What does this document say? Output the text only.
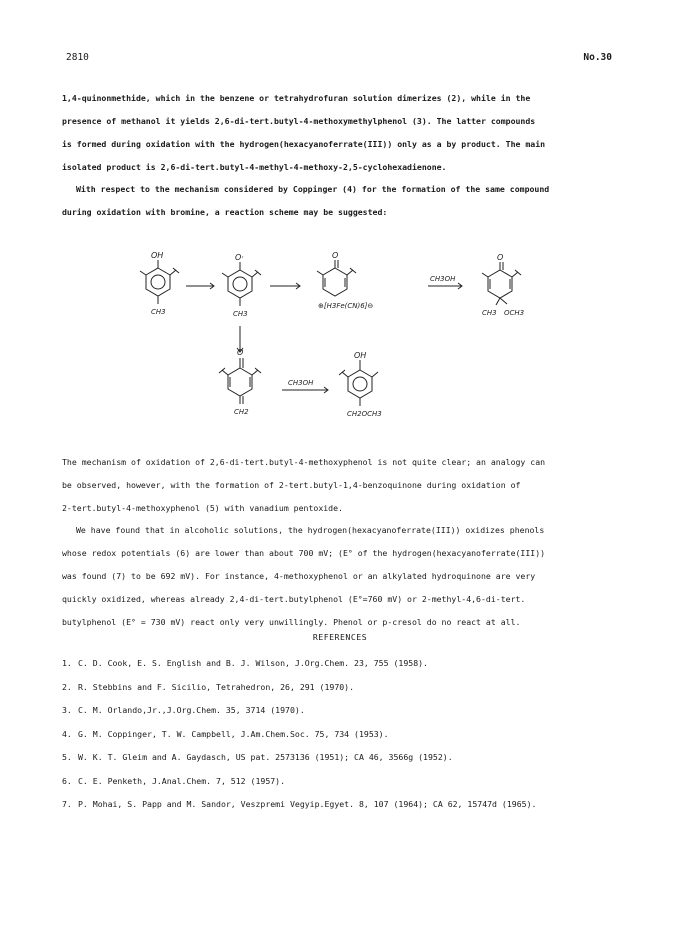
2810	No.30
1,4-quinonmethide, which in the benzene or tetrahydrofuran solution dimerizes (2), while in the
presence of methanol it yields 2,6-di-tert.butyl-4-methoxymethylphenol (3). The latter compounds
is formed during oxidation with the hydrogen(hexacyanoferrate(III)) only as a by product. The main
isolated product is 2,6-di-tert.butyl-4-methyl-4-methoxy-2,5-cyclohexadienone.
With respect to the mechanism considered by Coppinger (4) for the formation of the same compound
during oxidation with bromine, a reaction scheme may be suggested:
OH
CH3
O·
CH3
O
⊕[H3Fe(CN)6]⊖
CH3OH
O
CH3 OCH3
O
CH2
CH3OH
OH
CH2OCH3
The mechanism of oxidation of 2,6-di-tert.butyl-4-methoxyphenol is not quite clear; an analogy can
be observed, however, with the formation of 2-tert.butyl-1,4-benzoquinone during oxidation of
2-tert.butyl-4-methoxyphenol (5) with vanadium pentoxide.
We have found that in alcoholic solutions, the hydrogen(hexacyanoferrate(III)) oxidizes phenols
whose redox potentials (6) are lower than about 700 mV; (E° of the hydrogen(hexacyanoferrate(III))
was found (7) to be 692 mV). For instance, 4-methoxyphenol or an alkylated hydroquinone are very
quickly oxidized, whereas already 2,4-di-tert.butylphenol (E°=760 mV) or 2-methyl-4,6-di-tert.
butylphenol (E° = 730 mV) react only very unwillingly. Phenol or p-cresol do no react at all.
REFERENCES
1. C. D. Cook, E. S. English and B. J. Wilson, J.Org.Chem. 23, 755 (1958).
2. R. Stebbins and F. Sicilio, Tetrahedron, 26, 291 (1970).
3. C. M. Orlando,Jr.,J.Org.Chem. 35, 3714 (1970).
4. G. M. Coppinger, T. W. Campbell, J.Am.Chem.Soc. 75, 734 (1953).
5. W. K. T. Gleim and A. Gaydasch, US pat. 2573136 (1951); CA 46, 3566g (1952).
6. C. E. Penketh, J.Anal.Chem. 7, 512 (1957).
7. P. Mohai, S. Papp and M. Sandor, Veszpremi Vegyip.Egyet. 8, 107 (1964); CA 62, 15747d (1965).
